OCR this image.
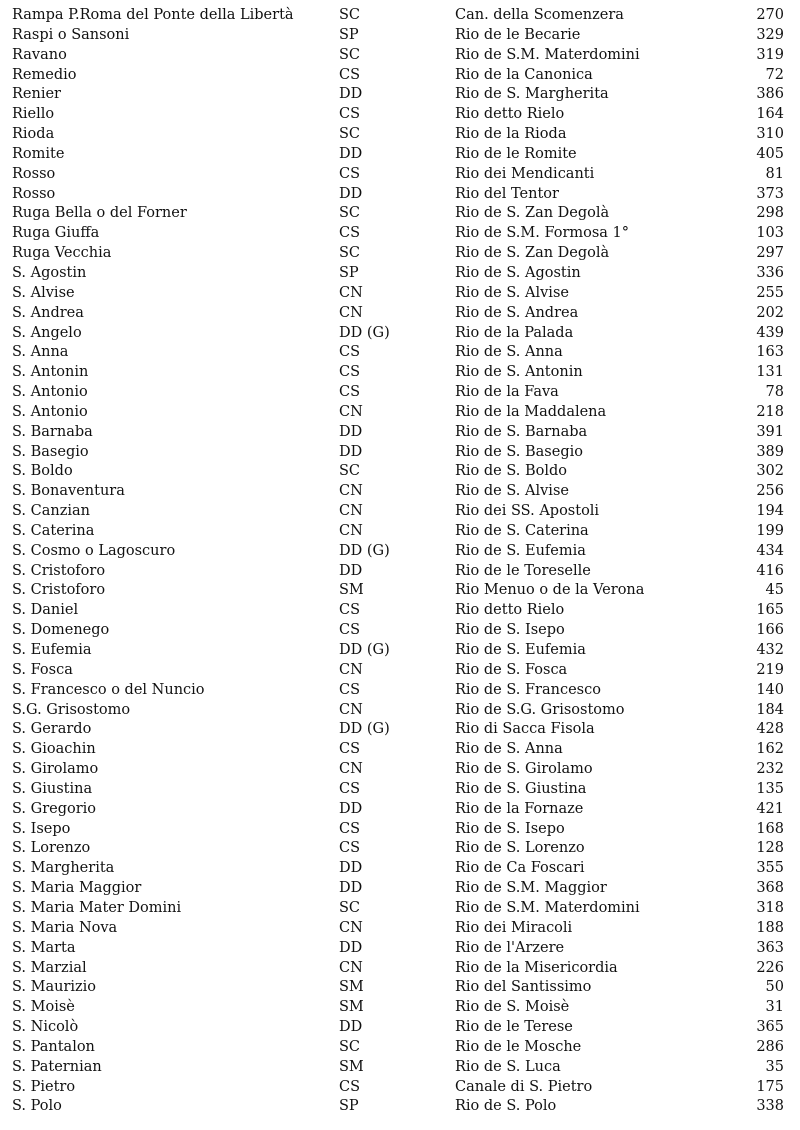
Rampa P.Roma del Ponte della Libertà	SC	Can. della Scomenzera	270
Raspi o Sansoni	SP	Rio de le Becarie	329
Ravano	SC	Rio de S.M. Materdomini	319
Remedio	CS	Rio de la Canonica	72
Renier	DD	Rio de S. Margherita	386
Riello	CS	Rio detto Rielo	164
Rioda	SC	Rio de la Rioda	310
Romite	DD	Rio de le Romite	405
Rosso	CS	Rio dei Mendicanti	81
Rosso	DD	Rio del Tentor	373
Ruga Bella o del Forner	SC	Rio de S. Zan Degolà	298
Ruga Giuffa	CS	Rio de S.M. Formosa 1°	103
Ruga Vecchia	SC	Rio de S. Zan Degolà	297
S. Agostin	SP	Rio de S. Agostin	336
S. Alvise	CN	Rio de S. Alvise	255
S. Andrea	CN	Rio de S. Andrea	202
S. Angelo	DD (G)	Rio de la Palada	439
S. Anna	CS	Rio de S. Anna	163
S. Antonin	CS	Rio de S. Antonin	131
S. Antonio	CS	Rio de la Fava	78
S. Antonio	CN	Rio de la Maddalena	218
S. Barnaba	DD	Rio de S. Barnaba	391
S. Basegio	DD	Rio de S. Basegio	389
S. Boldo	SC	Rio de S. Boldo	302
S. Bonaventura	CN	Rio de S. Alvise	256
S. Canzian	CN	Rio dei SS. Apostoli	194
S. Caterina	CN	Rio de S. Caterina	199
S. Cosmo o Lagoscuro	DD (G)	Rio de S. Eufemia	434
S. Cristoforo	DD	Rio de le Toreselle	416
S. Cristoforo	SM	Rio Menuo o de la Verona	45
S. Daniel	CS	Rio detto Rielo	165
S. Domenego	CS	Rio de S. Isepo	166
S. Eufemia	DD (G)	Rio de S. Eufemia	432
S. Fosca	CN	Rio de S. Fosca	219
S. Francesco o del Nuncio	CS	Rio de S. Francesco	140
S.G. Grisostomo	CN	Rio de S.G. Grisostomo	184
S. Gerardo	DD (G)	Rio di Sacca Fisola	428
S. Gioachin	CS	Rio de S. Anna	162
S. Girolamo	CN	Rio de S. Girolamo	232
S. Giustina	CS	Rio de S. Giustina	135
S. Gregorio	DD	Rio de la Fornaze	421
S. Isepo	CS	Rio de S. Isepo	168
S. Lorenzo	CS	Rio de S. Lorenzo	128
S. Margherita	DD	Rio de Ca Foscari	355
S. Maria Maggior	DD	Rio de S.M. Maggior	368
S. Maria Mater Domini	SC	Rio de S.M. Materdomini	318
S. Maria Nova	CN	Rio dei Miracoli	188
S. Marta	DD	Rio de l'Arzere	363
S. Marzial	CN	Rio de la Misericordia	226
S. Maurizio	SM	Rio del Santissimo	50
S. Moisè	SM	Rio de S. Moisè	31
S. Nicolò	DD	Rio de le Terese	365
S. Pantalon	SC	Rio de le Mosche	286
S. Paternian	SM	Rio de S. Luca	35
S. Pietro	CS	Canale di S. Pietro	175
S. Polo	SP	Rio de S. Polo	338
